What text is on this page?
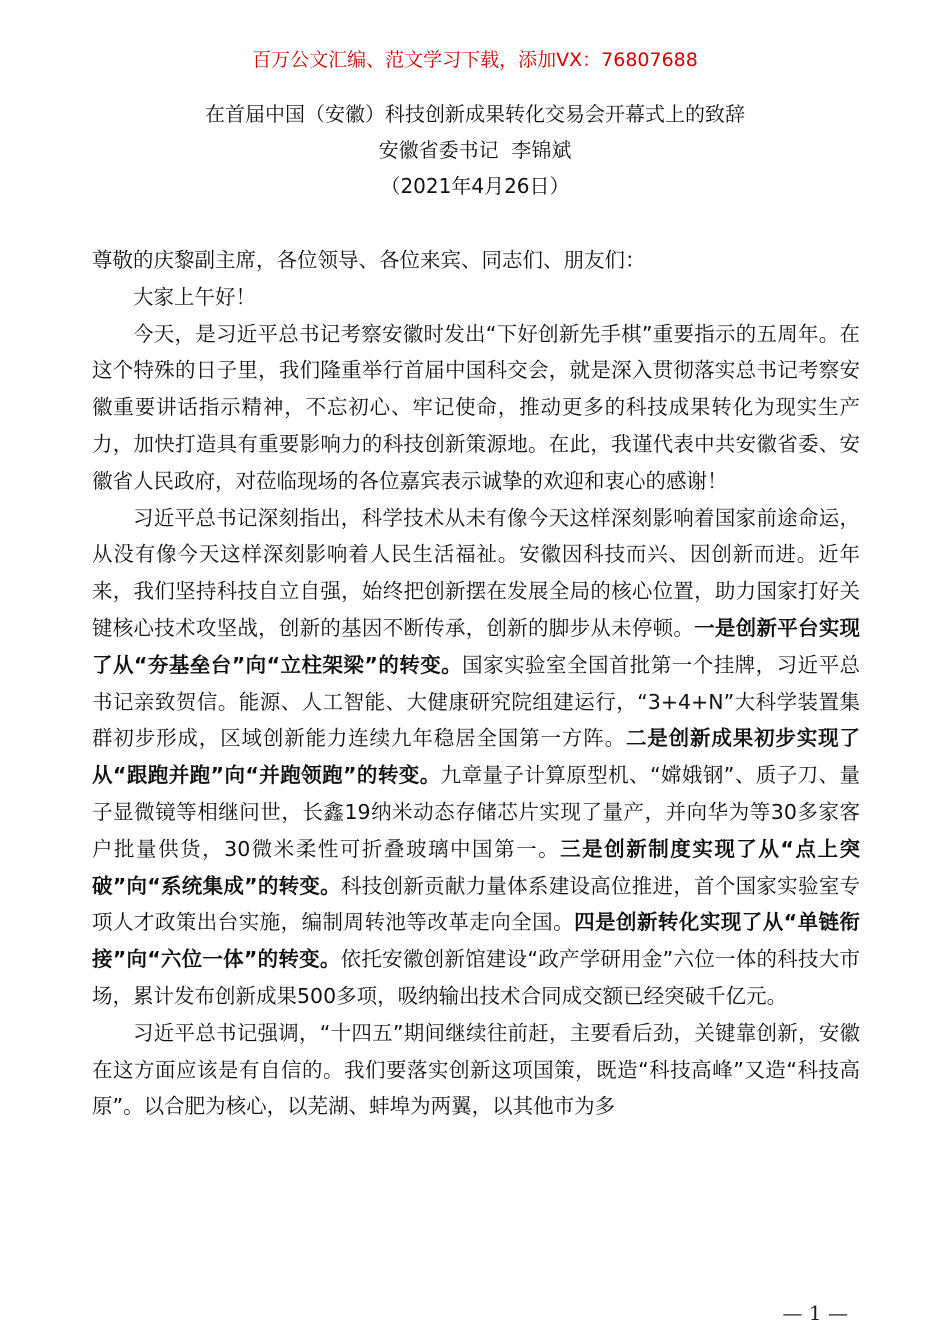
百万公文汇编、范文学习下载，添加VX：76807688
在首届中国（安徽）科技创新成果转化交易会开幕式上的致辞
安徽省委书记  李锦斌
（2021年4月26日）

尊敬的庆黎副主席，各位领导、各位来宾、同志们、朋友们：

大家上午好！

今天，是习近平总书记考察安徽时发出“下好创新先手棋”重要指示的五周年。在这个特殊的日子里，我们隆重举行首届中国科交会，就是深入贯彻落实总书记考察安徽重要讲话指示精神，不忘初心、牢记使命，推动更多的科技成果转化为现实生产力，加快打造具有重要影响力的科技创新策源地。在此，我谨代表中共安徽省委、安徽省人民政府，对莅临现场的各位嘉宾表示诚挚的欢迎和衷心的感谢！

习近平总书记深刻指出，科学技术从未有像今天这样深刻影响着国家前途命运，从没有像今天这样深刻影响着人民生活福祉。安徽因科技而兴、因创新而进。近年来，我们坚持科技自立自强，始终把创新摆在发展全局的核心位置，助力国家打好关键核心技术攻坚战，创新的基因不断传承，创新的脚步从未停顿。一是创新平台实现了从“夯基垒台”向“立柱架梁”的转变。国家实验室全国首批第一个挂牌，习近平总书记亲致贺信。能源、人工智能、大健康研究院组建运行，“3+4+N”大科学装置集群初步形成，区域创新能力连续九年稳居全国第一方阵。二是创新成果初步实现了从“跟跑并跑”向“并跑领跑”的转变。九章量子计算原型机、“嫦娥钢”、质子刀、量子显微镜等相继问世，长鑫19纳米动态存储芯片实现了量产，并向华为等30多家客户批量供货，30微米柔性可折叠玻璃中国第一。三是创新制度实现了从“点上突破”向“系统集成”的转变。科技创新贡献力量体系建设高位推进，首个国家实验室专项人才政策出台实施，编制周转池等改革走向全国。四是创新转化实现了从“单链衔接”向“六位一体”的转变。依托安徽创新馆建设“政产学研用金”六位一体的科技大市场，累计发布创新成果500多项，吸纳输出技术合同成交额已经突破千亿元。

习近平总书记强调，“十四五”期间继续往前赶，主要看后劲，关键靠创新，安徽在这方面应该是有自信的。我们要落实创新这项国策，既造“科技高峰”又造“科技高原”。以合肥为核心，以芜湖、蚌埠为两翼，以其他市为多

— 1 —
